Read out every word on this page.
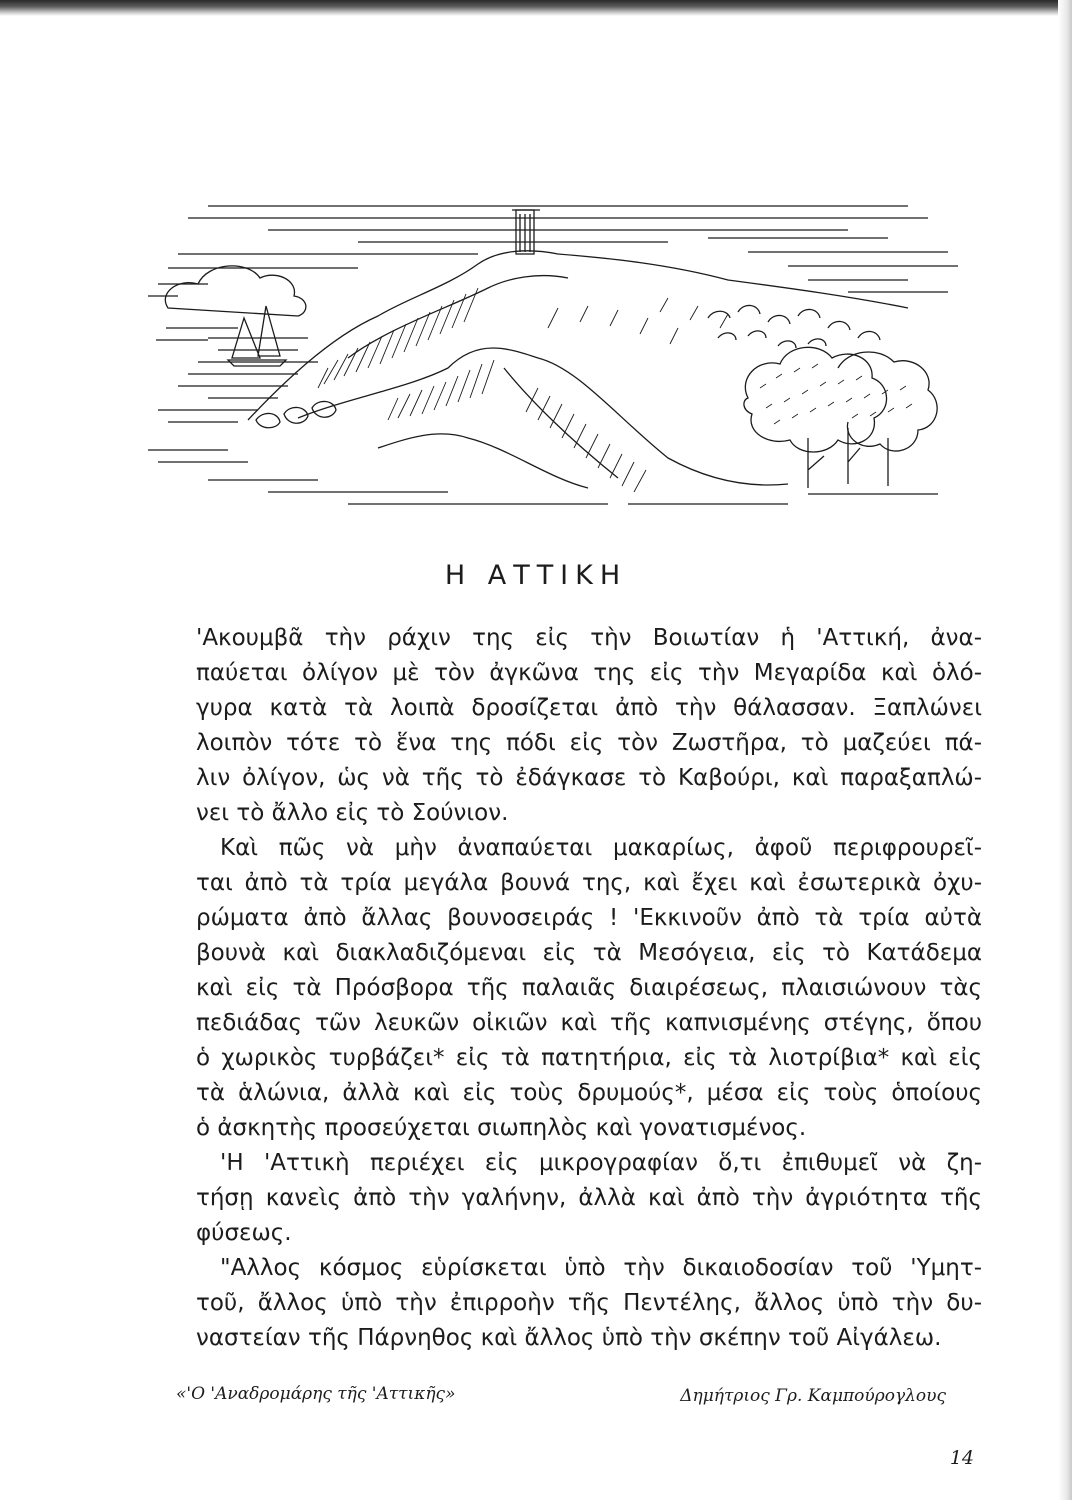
Η ΑΤΤΙΚΗ

'Ακουμβᾶ τὴν ράχιν της εἰς τὴν Βοιωτίαν ἡ 'Αττική, ἀνα-
παύεται ὀλίγον μὲ τὸν ἀγκῶνα της εἰς τὴν Μεγαρίδα καὶ ὁλό-
γυρα κατὰ τὰ λοιπὰ δροσίζεται ἀπὸ τὴν θάλασσαν. Ξαπλώνει
λοιπὸν τότε τὸ ἕνα της πόδι εἰς τὸν Ζωστῆρα, τὸ μαζεύει πά-
λιν ὀλίγον, ὡς νὰ τῆς τὸ ἐδάγκασε τὸ Καβούρι, καὶ παραξαπλώ-
νει τὸ ἄλλο εἰς τὸ Σούνιον.

Καὶ πῶς νὰ μὴν ἀναπαύεται μακαρίως, ἀφοῦ περιφρουρεῖ-
ται ἀπὸ τὰ τρία μεγάλα βουνά της, καὶ ἔχει καὶ ἐσωτερικὰ ὀχυ-
ρώματα ἀπὸ ἄλλας βουνοσειράς ! 'Εκκινοῦν ἀπὸ τὰ τρία αὐτὰ
βουνὰ καὶ διακλαδιζόμεναι εἰς τὰ Μεσόγεια, εἰς τὸ Κατάδεμα
καὶ εἰς τὰ Πρόσβορα τῆς παλαιᾶς διαιρέσεως, πλαισιώνουν τὰς
πεδιάδας τῶν λευκῶν οἰκιῶν καὶ τῆς καπνισμένης στέγης, ὅπου
ὁ χωρικὸς τυρβάζει* εἰς τὰ πατητήρια, εἰς τὰ λιοτρίβια* καὶ εἰς
τὰ ἁλώνια, ἀλλὰ καὶ εἰς τοὺς δρυμούς*, μέσα εἰς τοὺς ὁποίους
ὁ ἀσκητὴς προσεύχεται σιωπηλὸς καὶ γονατισμένος.

'Η 'Αττικὴ περιέχει εἰς μικρογραφίαν ὅ,τι ἐπιθυμεῖ νὰ ζη-
τήσῃ κανεὶς ἀπὸ τὴν γαλήνην, ἀλλὰ καὶ ἀπὸ τὴν ἀγριότητα τῆς
φύσεως.

"Αλλος κόσμος εὑρίσκεται ὑπὸ τὴν δικαιοδοσίαν τοῦ 'Υμητ-
τοῦ, ἄλλος ὑπὸ τὴν ἐπιρροὴν τῆς Πεντέλης, ἄλλος ὑπὸ τὴν δυ-
ναστείαν τῆς Πάρνηθος καὶ ἄλλος ὑπὸ τὴν σκέπην τοῦ Αἰγάλεω.

«'Ο 'Αναδρομάρης τῆς 'Αττικῆς»	Δημήτριος Γρ. Καμπούρογλους
14
